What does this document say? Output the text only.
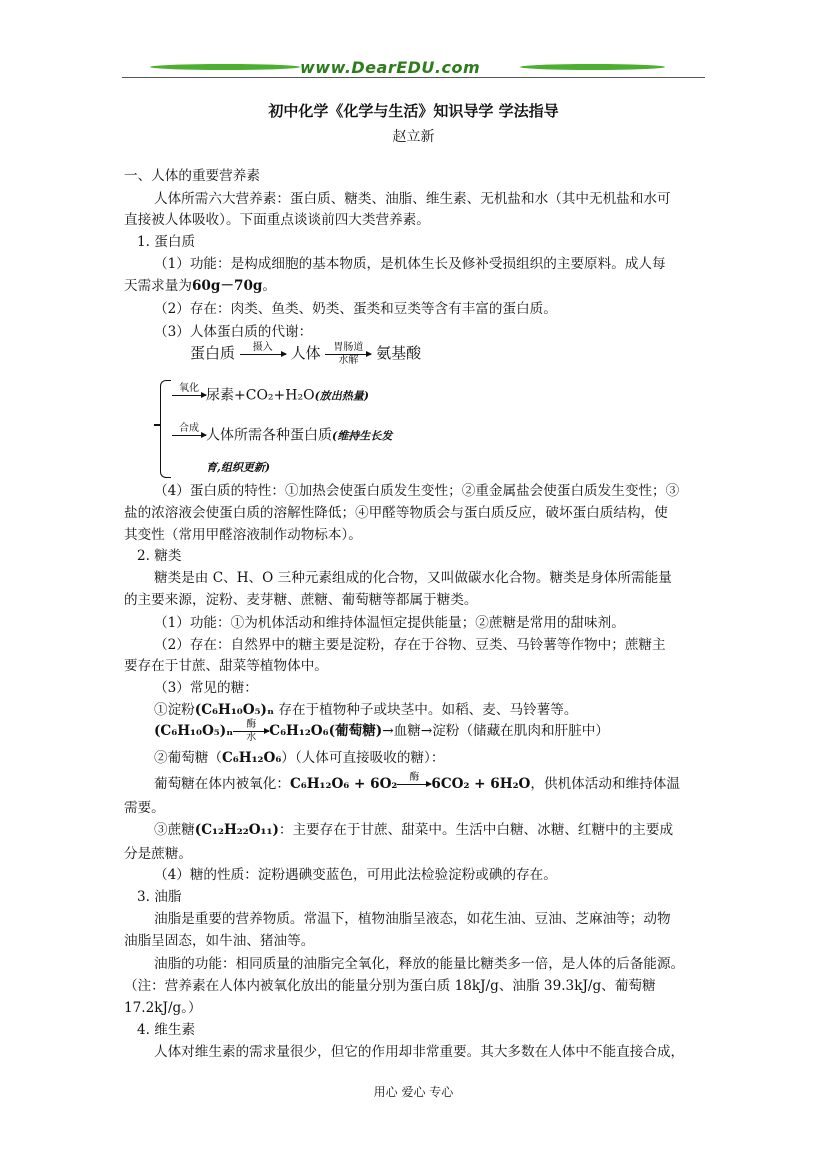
www.DearEDU.com
初中化学《化学与生活》知识导学 学法指导
赵立新
一、人体的重要营养素
人体所需六大营养素：蛋白质、糖类、油脂、维生素、无机盐和水（其中无机盐和水可
直接被人体吸收）。下面重点谈谈前四大类营养素。
1. 蛋白质
（1）功能：是构成细胞的基本物质，是机体生长及修补受损组织的主要原料。成人每
天需求量为60g－70g。
（2）存在：肉类、鱼类、奶类、蛋类和豆类等含有丰富的蛋白质。
（3）人体蛋白质的代谢：
蛋白质	摄入
	人体	胃肠道
水解	氨基酸
氧化
尿素+CO₂+H₂O(放出热量)
合成
人体所需各种蛋白质(维持生长发
育,组织更新)
（4）蛋白质的特性：①加热会使蛋白质发生变性；②重金属盐会使蛋白质发生变性；③
盐的浓溶液会使蛋白质的溶解性降低；④甲醛等物质会与蛋白质反应，破坏蛋白质结构，使
其变性（常用甲醛溶液制作动物标本）。
2. 糖类
糖类是由 C、H、O 三种元素组成的化合物，又叫做碳水化合物。糖类是身体所需能量
的主要来源，淀粉、麦芽糖、蔗糖、葡萄糖等都属于糖类。
（1）功能：①为机体活动和维持体温恒定提供能量；②蔗糖是常用的甜味剂。
（2）存在：自然界中的糖主要是淀粉，存在于谷物、豆类、马铃薯等作物中；蔗糖主
要存在于甘蔗、甜菜等植物体中。
（3）常见的糖：
①淀粉(C₆H₁₀O₅)ₙ 存在于植物种子或块茎中。如稻、麦、马铃薯等。
(C₆H₁₀O₅)ₙ	酶
水 C₆H₁₂O₆(葡萄糖)→血糖→淀粉（储藏在肌肉和肝脏中）
②葡萄糖（C₆H₁₂O₆）（人体可直接吸收的糖）：
葡萄糖在体内被氧化：C₆H₁₂O₆ + 6O₂	酶
6CO₂ + 6H₂O，供机体活动和维持体温
需要。
③蔗糖(C₁₂H₂₂O₁₁)：主要存在于甘蔗、甜菜中。生活中白糖、冰糖、红糖中的主要成
分是蔗糖。
（4）糖的性质：淀粉遇碘变蓝色，可用此法检验淀粉或碘的存在。
3. 油脂
油脂是重要的营养物质。常温下，植物油脂呈液态，如花生油、豆油、芝麻油等；动物
油脂呈固态，如牛油、猪油等。
油脂的功能：相同质量的油脂完全氧化，释放的能量比糖类多一倍，是人体的后备能源。
（注：营养素在人体内被氧化放出的能量分别为蛋白质 18kJ/g、油脂 39.3kJ/g、葡萄糖
17.2kJ/g。）
4. 维生素
人体对维生素的需求量很少，但它的作用却非常重要。其大多数在人体中不能直接合成，
用心 爱心 专心
